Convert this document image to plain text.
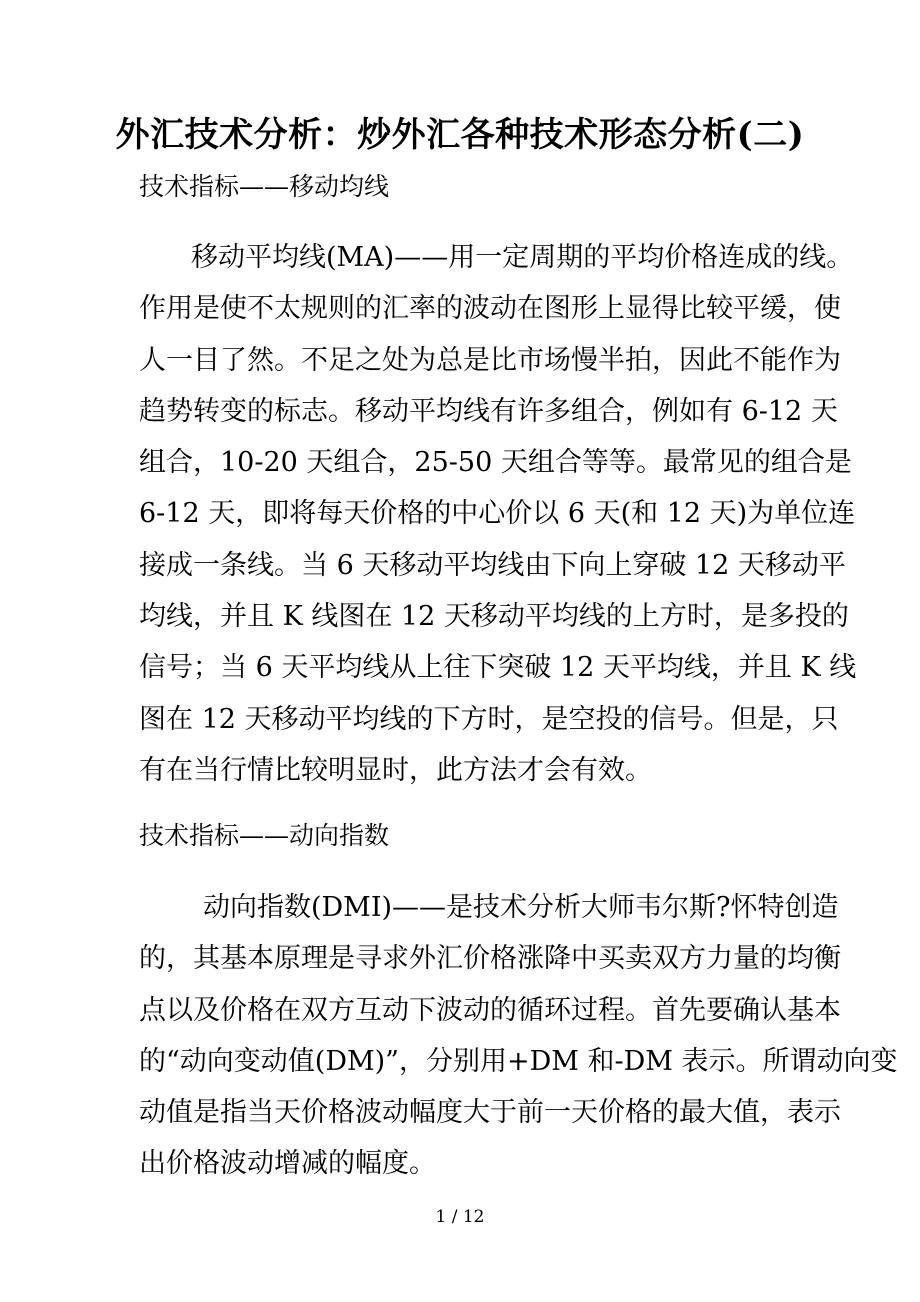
外汇技术分析：炒外汇各种技术形态分析(二)
技术指标——移动均线
移动平均线(MA)——用一定周期的平均价格连成的线。
作用是使不太规则的汇率的波动在图形上显得比较平缓，使
人一目了然。不足之处为总是比市场慢半拍，因此不能作为
趋势转变的标志。移动平均线有许多组合，例如有 6-12 天
组合，10-20 天组合，25-50 天组合等等。最常见的组合是
6-12 天，即将每天价格的中心价以 6 天(和 12 天)为单位连
接成一条线。当 6 天移动平均线由下向上穿破 12 天移动平
均线，并且 K 线图在 12 天移动平均线的上方时，是多投的
信号；当 6 天平均线从上往下突破 12 天平均线，并且 K 线
图在 12 天移动平均线的下方时，是空投的信号。但是，只
有在当行情比较明显时，此方法才会有效。
技术指标——动向指数
动向指数(DMI)——是技术分析大师韦尔斯?怀特创造
的，其基本原理是寻求外汇价格涨降中买卖双方力量的均衡
点以及价格在双方互动下波动的循环过程。首先要确认基本
的“动向变动值(DM)”，分别用+DM 和-DM 表示。所谓动向变
动值是指当天价格波动幅度大于前一天价格的最大值，表示
出价格波动增减的幅度。
1 / 12
